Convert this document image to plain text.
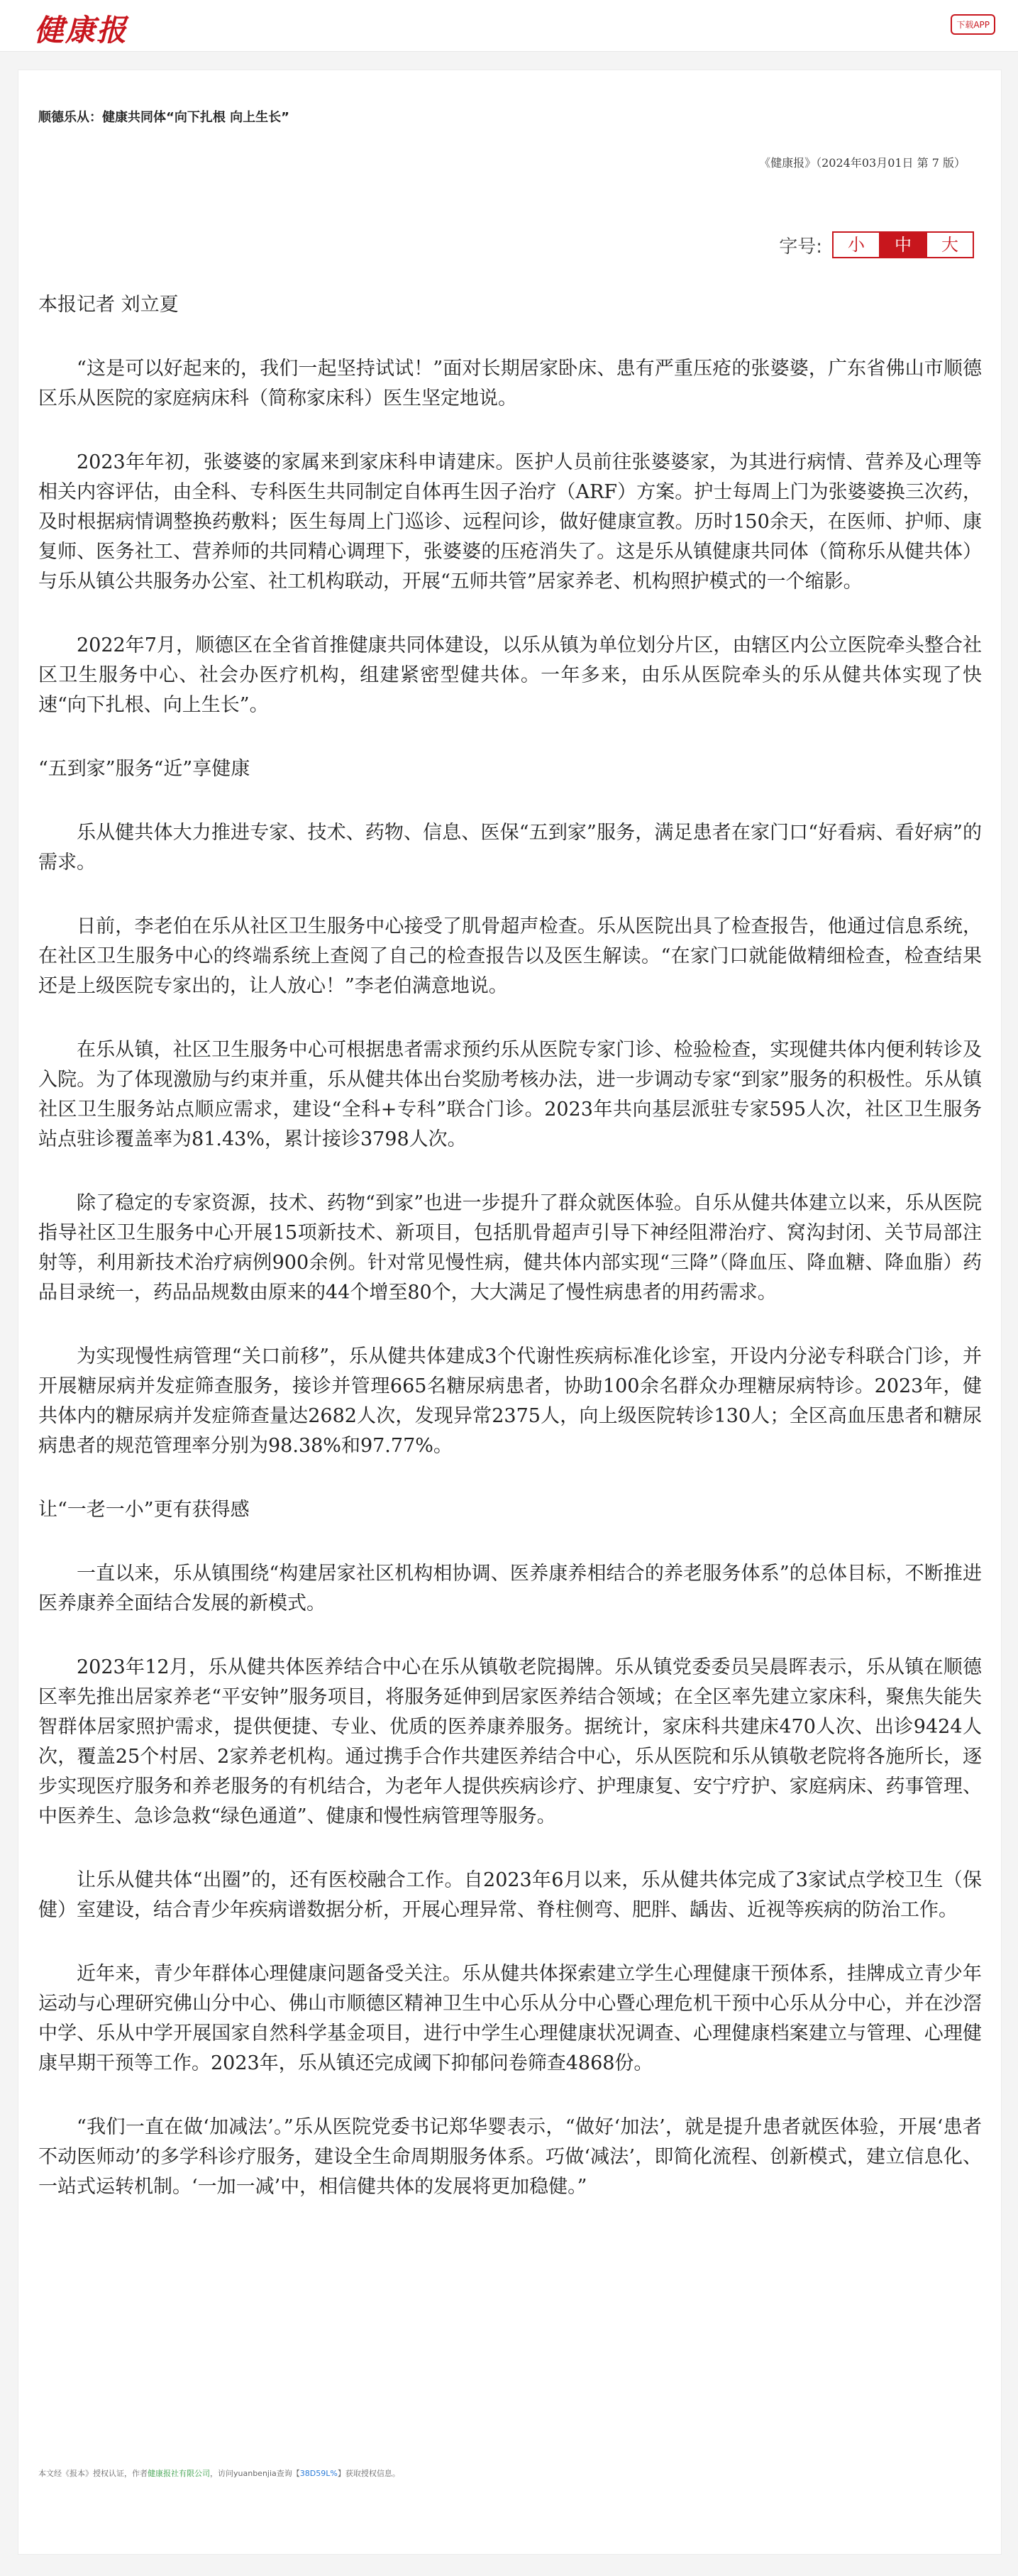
健康报	下载APP
顺德乐从：健康共同体“向下扎根 向上生长”
《健康报》（2024年03月01日 第 7 版）
字号:	小	中	大

本报记者 刘立夏

“这是可以好起来的，我们一起坚持试试！”面对长期居家卧床、患有严重压疮的张婆婆，广东省佛山市顺德区乐从医院的家庭病床科（简称家床科）医生坚定地说。

2023年年初，张婆婆的家属来到家床科申请建床。医护人员前往张婆婆家，为其进行病情、营养及心理等相关内容评估，由全科、专科医生共同制定自体再生因子治疗（ARF）方案。护士每周上门为张婆婆换三次药，及时根据病情调整换药敷料；医生每周上门巡诊、远程问诊，做好健康宣教。历时150余天，在医师、护师、康复师、医务社工、营养师的共同精心调理下，张婆婆的压疮消失了。这是乐从镇健康共同体（简称乐从健共体）与乐从镇公共服务办公室、社工机构联动，开展“五师共管”居家养老、机构照护模式的一个缩影。

2022年7月，顺德区在全省首推健康共同体建设，以乐从镇为单位划分片区，由辖区内公立医院牵头整合社区卫生服务中心、社会办医疗机构，组建紧密型健共体。一年多来，由乐从医院牵头的乐从健共体实现了快速“向下扎根、向上生长”。

“五到家”服务“近”享健康

乐从健共体大力推进专家、技术、药物、信息、医保“五到家”服务，满足患者在家门口“好看病、看好病”的需求。

日前，李老伯在乐从社区卫生服务中心接受了肌骨超声检查。乐从医院出具了检查报告，他通过信息系统，在社区卫生服务中心的终端系统上查阅了自己的检查报告以及医生解读。“在家门口就能做精细检查，检查结果还是上级医院专家出的，让人放心！”李老伯满意地说。

在乐从镇，社区卫生服务中心可根据患者需求预约乐从医院专家门诊、检验检查，实现健共体内便利转诊及入院。为了体现激励与约束并重，乐从健共体出台奖励考核办法，进一步调动专家“到家”服务的积极性。乐从镇社区卫生服务站点顺应需求，建设“全科+专科”联合门诊。2023年共向基层派驻专家595人次，社区卫生服务站点驻诊覆盖率为81.43%，累计接诊3798人次。

除了稳定的专家资源，技术、药物“到家”也进一步提升了群众就医体验。自乐从健共体建立以来，乐从医院指导社区卫生服务中心开展15项新技术、新项目，包括肌骨超声引导下神经阻滞治疗、窝沟封闭、关节局部注射等，利用新技术治疗病例900余例。针对常见慢性病，健共体内部实现“三降”（降血压、降血糖、降血脂）药品目录统一，药品品规数由原来的44个增至80个，大大满足了慢性病患者的用药需求。

为实现慢性病管理“关口前移”，乐从健共体建成3个代谢性疾病标准化诊室，开设内分泌专科联合门诊，并开展糖尿病并发症筛查服务，接诊并管理665名糖尿病患者，协助100余名群众办理糖尿病特诊。2023年，健共体内的糖尿病并发症筛查量达2682人次，发现异常2375人，向上级医院转诊130人；全区高血压患者和糖尿病患者的规范管理率分别为98.38%和97.77%。

让“一老一小”更有获得感

一直以来，乐从镇围绕“构建居家社区机构相协调、医养康养相结合的养老服务体系”的总体目标，不断推进医养康养全面结合发展的新模式。

2023年12月，乐从健共体医养结合中心在乐从镇敬老院揭牌。乐从镇党委委员吴晨晖表示，乐从镇在顺德区率先推出居家养老“平安钟”服务项目，将服务延伸到居家医养结合领域；在全区率先建立家床科，聚焦失能失智群体居家照护需求，提供便捷、专业、优质的医养康养服务。据统计，家床科共建床470人次、出诊9424人次，覆盖25个村居、2家养老机构。通过携手合作共建医养结合中心，乐从医院和乐从镇敬老院将各施所长，逐步实现医疗服务和养老服务的有机结合，为老年人提供疾病诊疗、护理康复、安宁疗护、家庭病床、药事管理、中医养生、急诊急救“绿色通道”、健康和慢性病管理等服务。

让乐从健共体“出圈”的，还有医校融合工作。自2023年6月以来，乐从健共体完成了3家试点学校卫生（保健）室建设，结合青少年疾病谱数据分析，开展心理异常、脊柱侧弯、肥胖、龋齿、近视等疾病的防治工作。

近年来，青少年群体心理健康问题备受关注。乐从健共体探索建立学生心理健康干预体系，挂牌成立青少年运动与心理研究佛山分中心、佛山市顺德区精神卫生中心乐从分中心暨心理危机干预中心乐从分中心，并在沙滘中学、乐从中学开展国家自然科学基金项目，进行中学生心理健康状况调查、心理健康档案建立与管理、心理健康早期干预等工作。2023年，乐从镇还完成阈下抑郁问卷筛查4868份。

“我们一直在做‘加减法’。”乐从医院党委书记郑华婴表示，“做好‘加法’，就是提升患者就医体验，开展‘患者不动医师动’的多学科诊疗服务，建设全生命周期服务体系。巧做‘减法’，即简化流程、创新模式，建立信息化、一站式运转机制。‘一加一减’中，相信健共体的发展将更加稳健。”

本文经《报本》授权认证，作者健康报社有限公司，访问yuanbenjia查询【38D59L%】获取授权信息。
